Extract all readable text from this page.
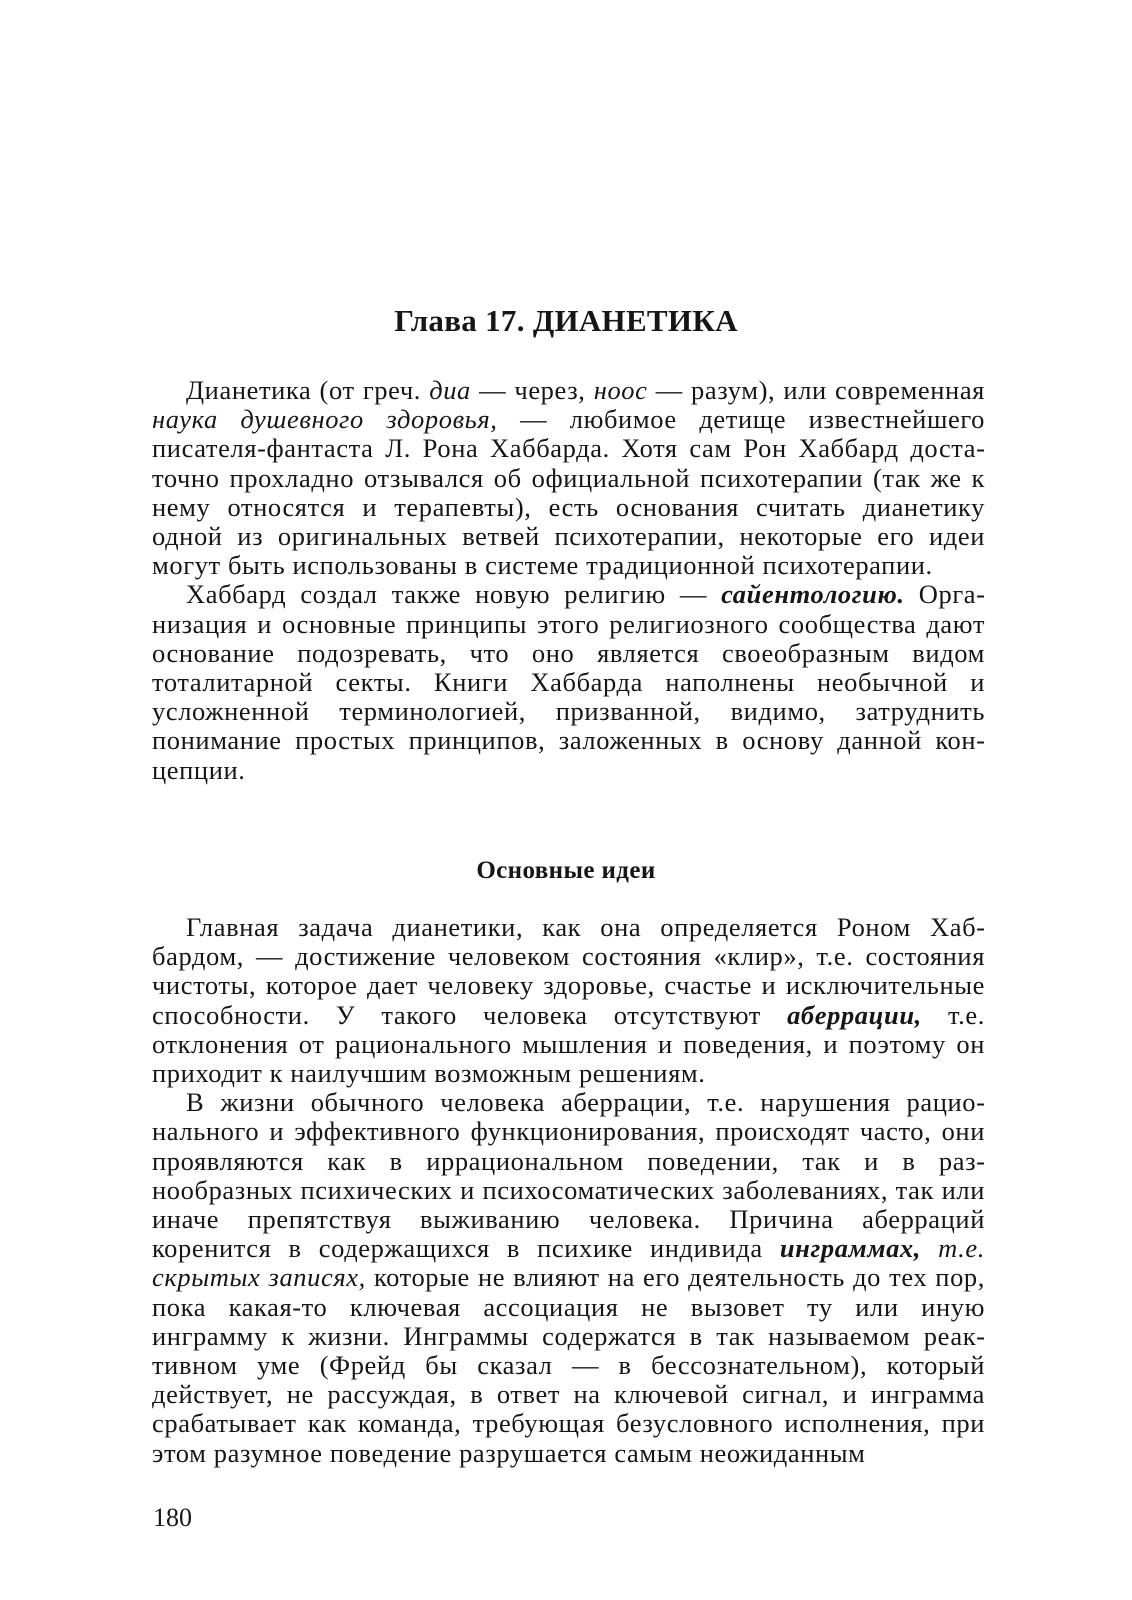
Глава 17. ДИАНЕТИКА

Дианетика (от греч. диа — через, ноос — разум), или современная наука душевного здоровья, — любимое детище известнейшего писателя-фантаста Л. Рона Хаббарда. Хотя сам Рон Хаббард достаточно прохладно отзывался об официальной психотерапии (так же к нему относятся и терапевты), есть основания считать дианетику одной из оригинальных ветвей психотерапии, некоторые его идеи могут быть использованы в системе традиционной психотерапии.

Хаббард создал также новую религию — сайентологию. Организация и основные принципы этого религиозного сообщества дают основание подозревать, что оно является своеобразным видом тоталитарной секты. Книги Хаббарда наполнены необычной и усложненной терминологией, призванной, видимо, затруднить понимание простых принципов, заложенных в основу данной концепции.

Основные идеи

Главная задача дианетики, как она определяется Роном Хаббардом, — достижение человеком состояния «клир», т.е. состояния чистоты, которое дает человеку здоровье, счастье и исключительные способности. У такого человека отсутствуют аберрации, т.е. отклонения от рационального мышления и поведения, и поэтому он приходит к наилучшим возможным решениям.

В жизни обычного человека аберрации, т.е. нарушения рационального и эффективного функционирования, происходят часто, они проявляются как в иррациональном поведении, так и в разнообразных психических и психосоматических заболеваниях, так или иначе препятствуя выживанию человека. Причина аберраций коренится в содержащихся в психике индивида инграммах, т.е. скрытых записях, которые не влияют на его деятельность до тех пор, пока какая-то ключевая ассоциация не вызовет ту или иную инграмму к жизни. Инграммы содержатся в так называемом реактивном уме (Фрейд бы сказал — в бессознательном), который действует, не рассуждая, в ответ на ключевой сигнал, и инграмма срабатывает как команда, требующая безусловного исполнения, при этом разумное поведение разрушается самым неожиданным

180
